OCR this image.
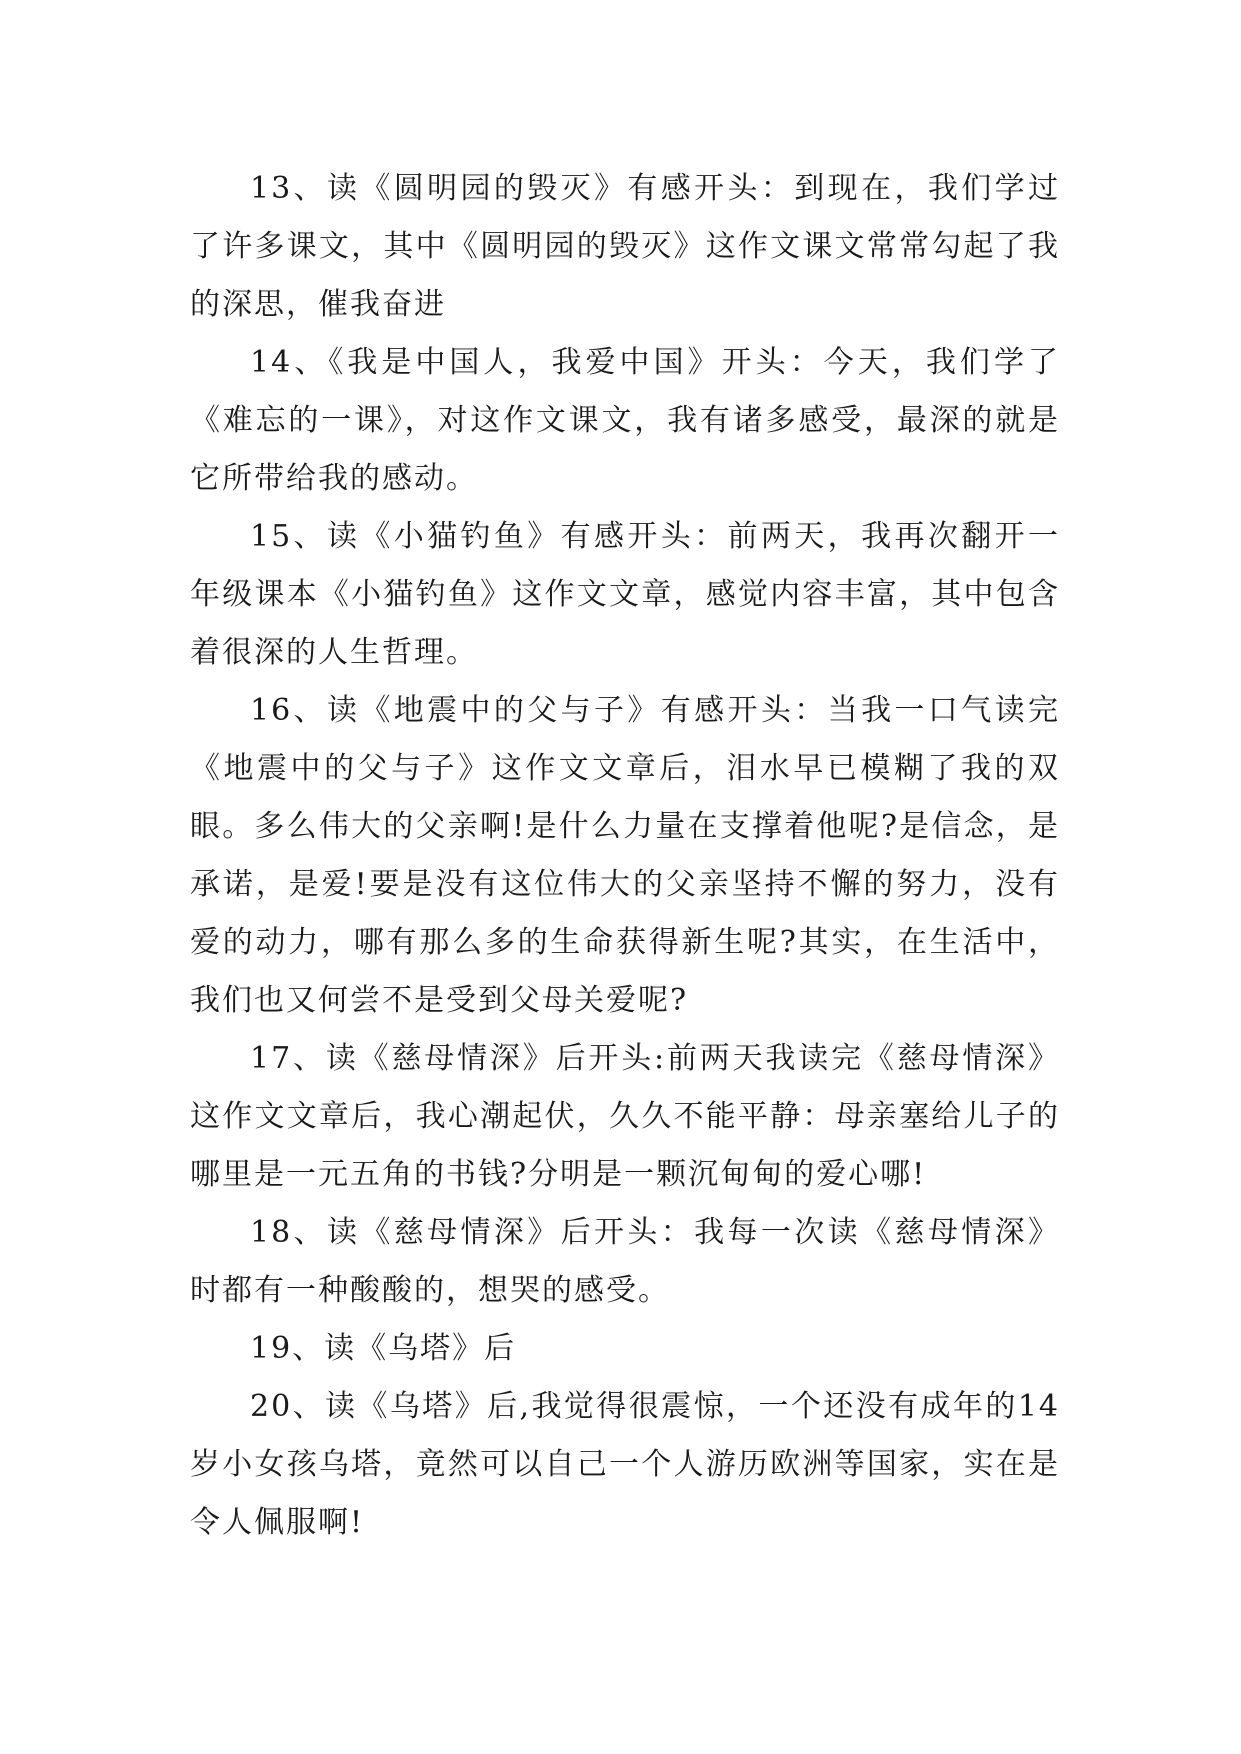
13、读《圆明园的毁灭》有感开头：到现在，我们学过了许多课文，其中《圆明园的毁灭》这作文课文常常勾起了我的深思，催我奋进

14、《我是中国人，我爱中国》开头：今天，我们学了《难忘的一课》，对这作文课文，我有诸多感受，最深的就是它所带给我的感动。

15、读《小猫钓鱼》有感开头：前两天，我再次翻开一年级课本《小猫钓鱼》这作文文章，感觉内容丰富，其中包含着很深的人生哲理。

16、读《地震中的父与子》有感开头：当我一口气读完《地震中的父与子》这作文文章后，泪水早已模糊了我的双眼。多么伟大的父亲啊!是什么力量在支撑着他呢?是信念，是承诺，是爱!要是没有这位伟大的父亲坚持不懈的努力，没有爱的动力，哪有那么多的生命获得新生呢?其实，在生活中，我们也又何尝不是受到父母关爱呢?

17、读《慈母情深》后开头:前两天我读完《慈母情深》这作文文章后，我心潮起伏，久久不能平静：母亲塞给儿子的哪里是一元五角的书钱?分明是一颗沉甸甸的爱心哪!

18、读《慈母情深》后开头：我每一次读《慈母情深》时都有一种酸酸的，想哭的感受。

19、读《乌塔》后

20、读《乌塔》后,我觉得很震惊，一个还没有成年的14岁小女孩乌塔，竟然可以自己一个人游历欧洲等国家，实在是令人佩服啊!
